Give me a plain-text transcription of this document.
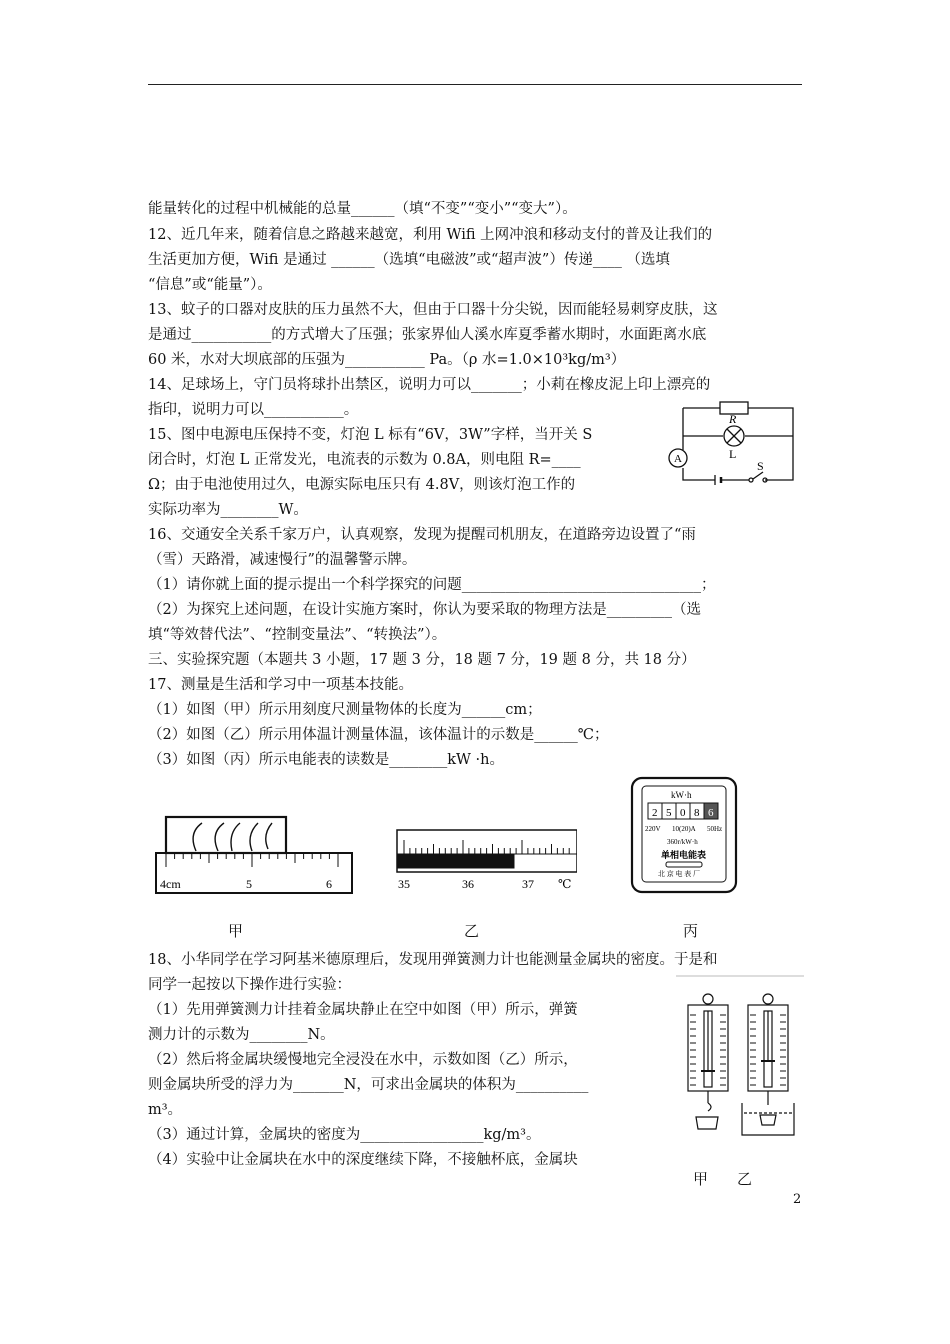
能量转化的过程中机械能的总量______（填“不变”“变小”“变大”）。
12、近几年来，随着信息之路越来越宽，利用 Wifi 上网冲浪和移动支付的普及让我们的
生活更加方便，Wifi 是通过 ______（选填“电磁波”或“超声波”）传递____ （选填
“信息”或“能量”）。
13、蚊子的口器对皮肤的压力虽然不大，但由于口器十分尖锐，因而能轻易刺穿皮肤，这
是通过___________的方式增大了压强；张家界仙人溪水库夏季蓄水期时，水面距离水底
60 米，水对大坝底部的压强为___________ Pa。（ρ 水=1.0×10³kg/m³）
14、足球场上，守门员将球扑出禁区，说明力可以_______；小莉在橡皮泥上印上漂亮的
指印，说明力可以___________。
15、图中电源电压保持不变，灯泡 L 标有“6V，3W”字样，当开关 S
闭合时，灯泡 L 正常发光，电流表的示数为 0.8A，则电阻 R=____
Ω；由于电池使用过久，电源实际电压只有 4.8V，则该灯泡工作的
实际功率为________W。
16、交通安全关系千家万户，认真观察，发现为提醒司机朋友，在道路旁边设置了“雨
（雪）天路滑，减速慢行”的温馨警示牌。
（1）请你就上面的提示提出一个科学探究的问题_________________________________；
（2）为探究上述问题，在设计实施方案时，你认为要采取的物理方法是_________（选
填“等效替代法”、“控制变量法”、“转换法”）。
三、实验探究题（本题共 3 小题，17 题 3 分，18 题 7 分，19 题 8 分，共 18 分）
17、测量是生活和学习中一项基本技能。
（1）如图（甲）所示用刻度尺测量物体的长度为______cm；
（2）如图（乙）所示用体温计测量体温，该体温计的示数是______℃；
（3）如图（丙）所示电能表的读数是________kW ·h。
18、小华同学在学习阿基米德原理后，发现用弹簧测力计也能测量金属块的密度。于是和
同学一起按以下操作进行实验：
（1）先用弹簧测力计挂着金属块静止在空中如图（甲）所示，弹簧
测力计的示数为________N。
（2）然后将金属块缓慢地完全浸没在水中，示数如图（乙）所示，
则金属块所受的浮力为_______N，可求出金属块的体积为__________
m³。
（3）通过计算，金属块的密度为_________________kg/m³。
（4）实验中让金属块在水中的深度继续下降，不接触杯底，金属块
R
L
A	S
4cm	5	6	35	36	37 ℃
kW·h
2 5 0 8 6
220V 10(20)A 50Hz
360r/kW·h
单相电能表
北 京 电 表 厂
甲	乙	丙
甲 乙
2
